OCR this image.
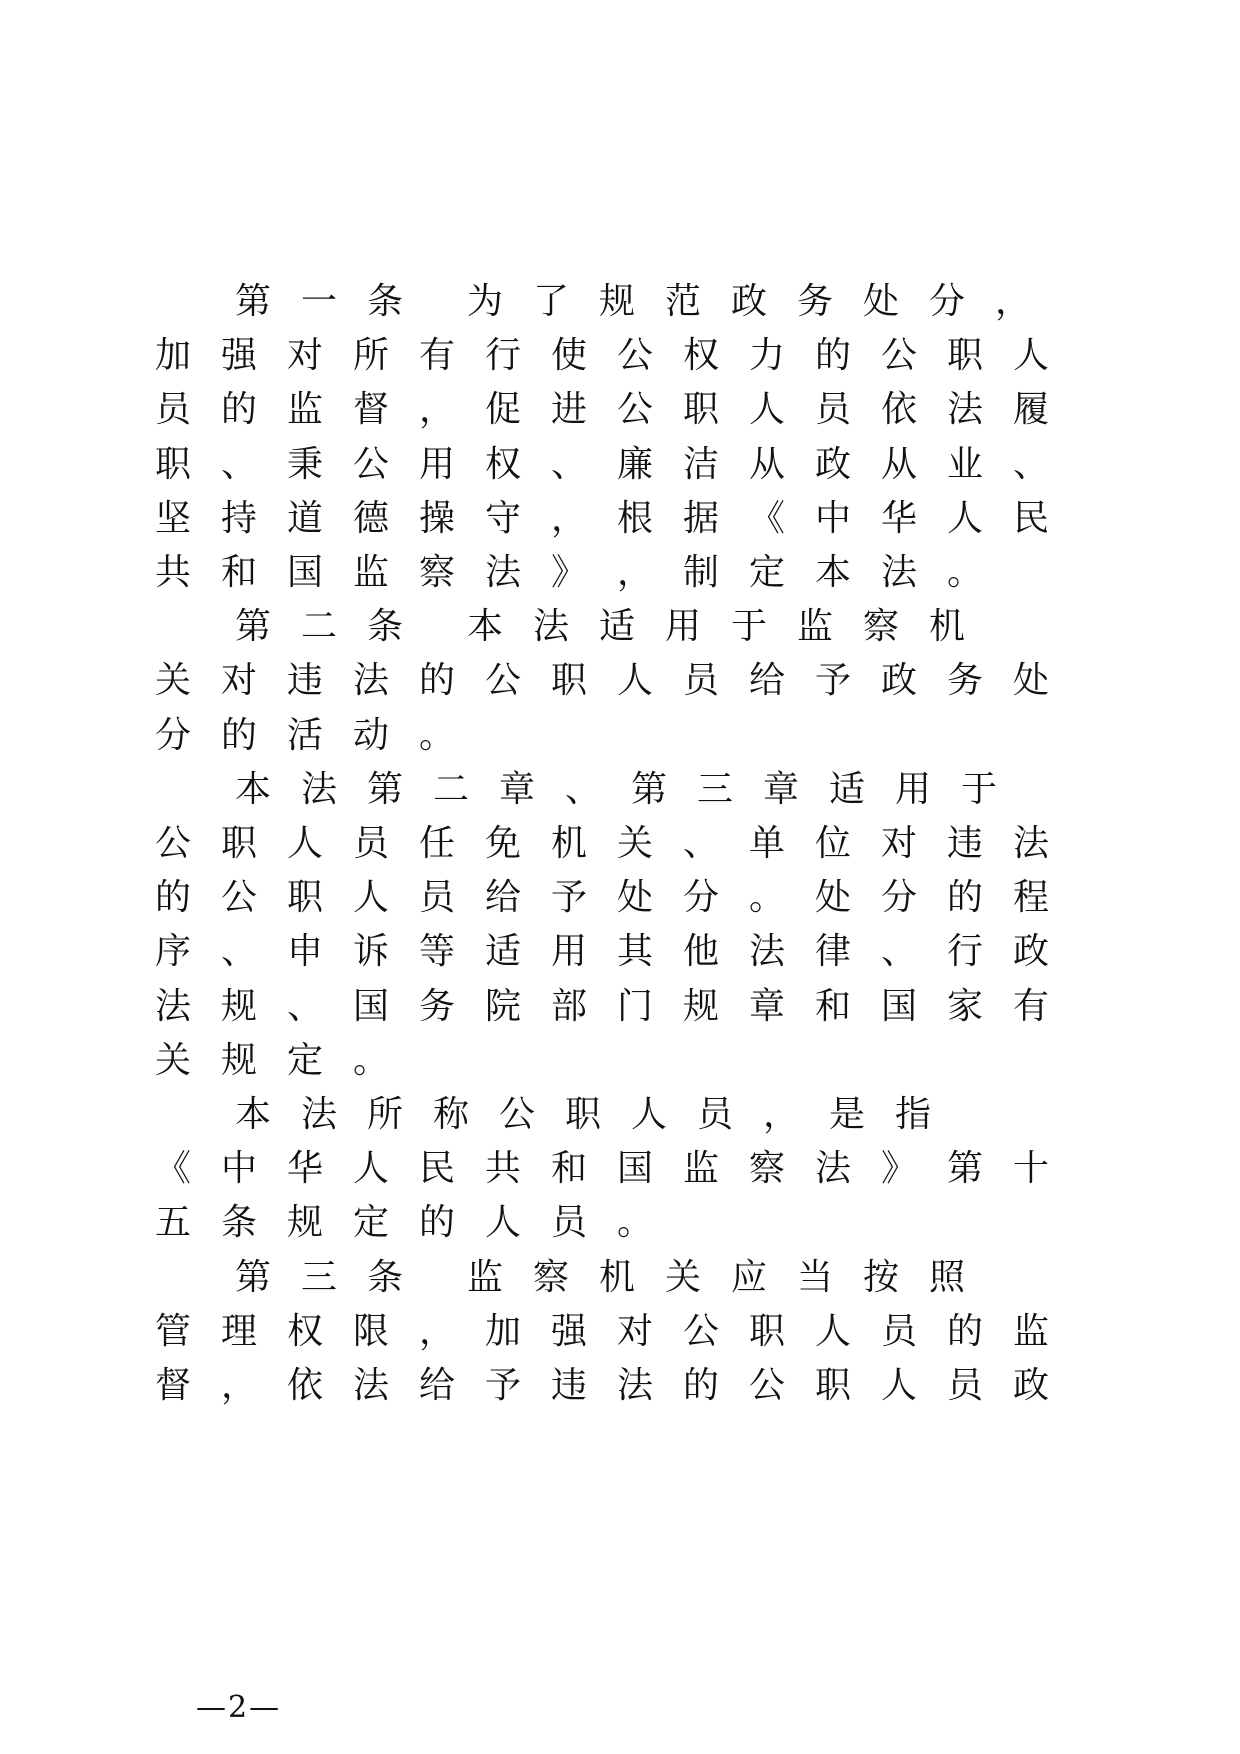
第 一 条 为 了 规 范 政 务 处 分 ，
加 强 对 所 有 行 使 公 权 力 的 公 职 人
员 的 监 督 ， 促 进 公 职 人 员 依 法 履
职 、 秉 公 用 权 、 廉 洁 从 政 从 业 、
坚 持 道 德 操 守 ， 根 据 《 中 华 人 民
共 和 国 监 察 法 》 ， 制 定 本 法 。
第 二 条 本 法 适 用 于 监 察 机
关 对 违 法 的 公 职 人 员 给 予 政 务 处
分 的 活 动 。
本 法 第 二 章 、 第 三 章 适 用 于
公 职 人 员 任 免 机 关 、 单 位 对 违 法
的 公 职 人 员 给 予 处 分 。 处 分 的 程
序 、 申 诉 等 适 用 其 他 法 律 、 行 政
法 规 、 国 务 院 部 门 规 章 和 国 家 有
关 规 定 。
本 法 所 称 公 职 人 员 ， 是 指
《 中 华 人 民 共 和 国 监 察 法 》 第 十
五 条 规 定 的 人 员 。
第 三 条 监 察 机 关 应 当 按 照
管 理 权 限 ， 加 强 对 公 职 人 员 的 监
督 ， 依 法 给 予 违 法 的 公 职 人 员 政
—2—
